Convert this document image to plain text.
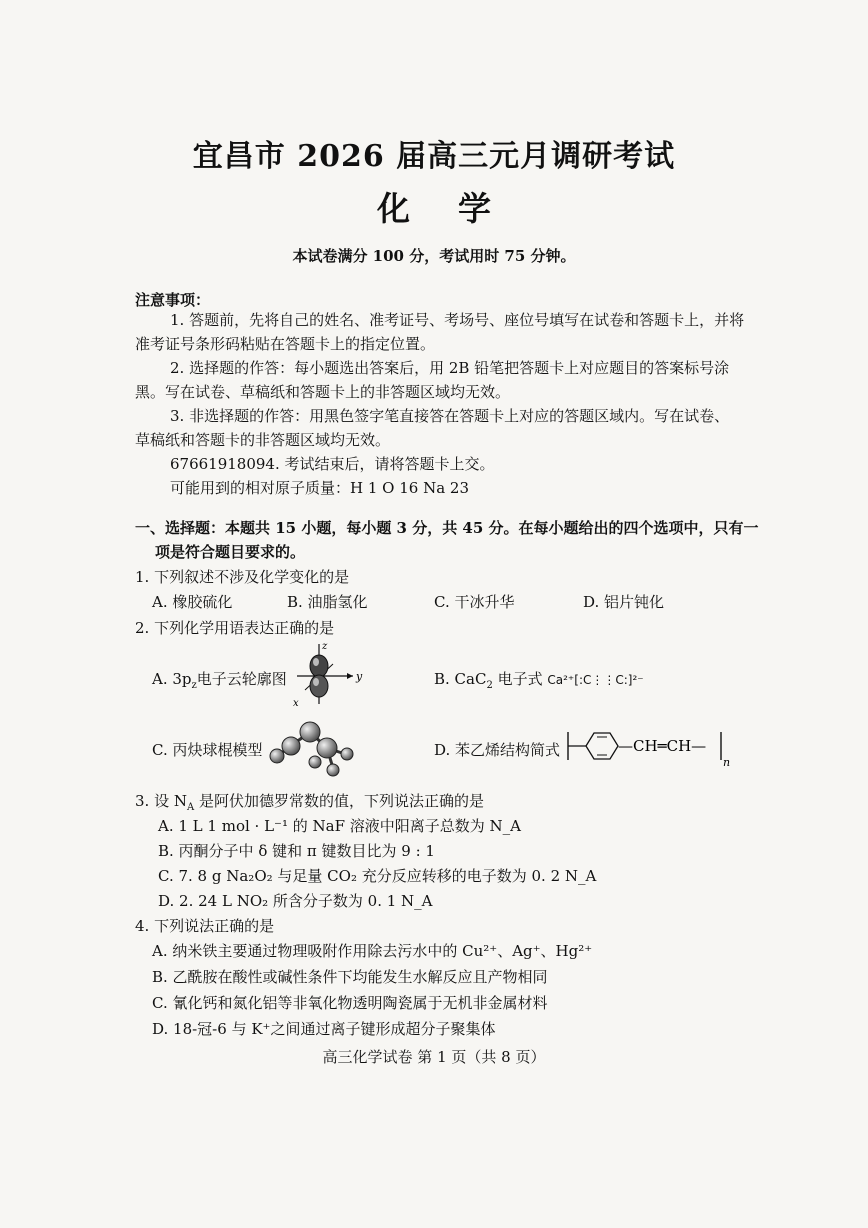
宜昌市 2026 届高三元月调研考试
化学
本试卷满分 100 分，考试用时 75 分钟。
注意事项：
1. 答题前，先将自己的姓名、准考证号、考场号、座位号填写在试卷和答题卡上，并将
准考证号条形码粘贴在答题卡上的指定位置。
2. 选择题的作答：每小题选出答案后，用 2B 铅笔把答题卡上对应题目的答案标号涂
黑。写在试卷、草稿纸和答题卡上的非答题区域均无效。
3. 非选择题的作答：用黑色签字笔直接答在答题卡上对应的答题区域内。写在试卷、
草稿纸和答题卡的非答题区域均无效。
67661918094. 考试结束后，请将答题卡上交。
可能用到的相对原子质量：H 1 O 16 Na 23
一、选择题：本题共 15 小题，每小题 3 分，共 45 分。在每小题给出的四个选项中，只有一
项是符合题目要求的。
1. 下列叙述不涉及化学变化的是
A. 橡胶硫化	B. 油脂氢化	C. 干冰升华	D. 铝片钝化
2. 下列化学用语表达正确的是
A. $3p_z$电子云轮廓图
z
y
x
B. CaC$_2$ 电子式 Ca²⁺[:C⋮⋮C:]²⁻
C. 丙炔球棍模型	D. 苯乙烯结构简式	—CH═CH—
n
3. 设 $N_A$ 是阿伏加德罗常数的值，下列说法正确的是
A. 1 L 1 mol · L⁻¹ 的 NaF 溶液中阳离子总数为 N_A
B. 丙酮分子中 δ 键和 π 键数目比为 9 : 1
C. 7. 8 g Na₂O₂ 与足量 CO₂ 充分反应转移的电子数为 0. 2 N_A
D. 2. 24 L NO₂ 所含分子数为 0. 1 N_A
4. 下列说法正确的是
A. 纳米铁主要通过物理吸附作用除去污水中的 Cu²⁺、Ag⁺、Hg²⁺
B. 乙酰胺在酸性或碱性条件下均能发生水解反应且产物相同
C. 氰化钙和氮化铝等非氧化物透明陶瓷属于无机非金属材料
D. 18-冠-6 与 K⁺之间通过离子键形成超分子聚集体
高三化学试卷 第 1 页（共 8 页）
